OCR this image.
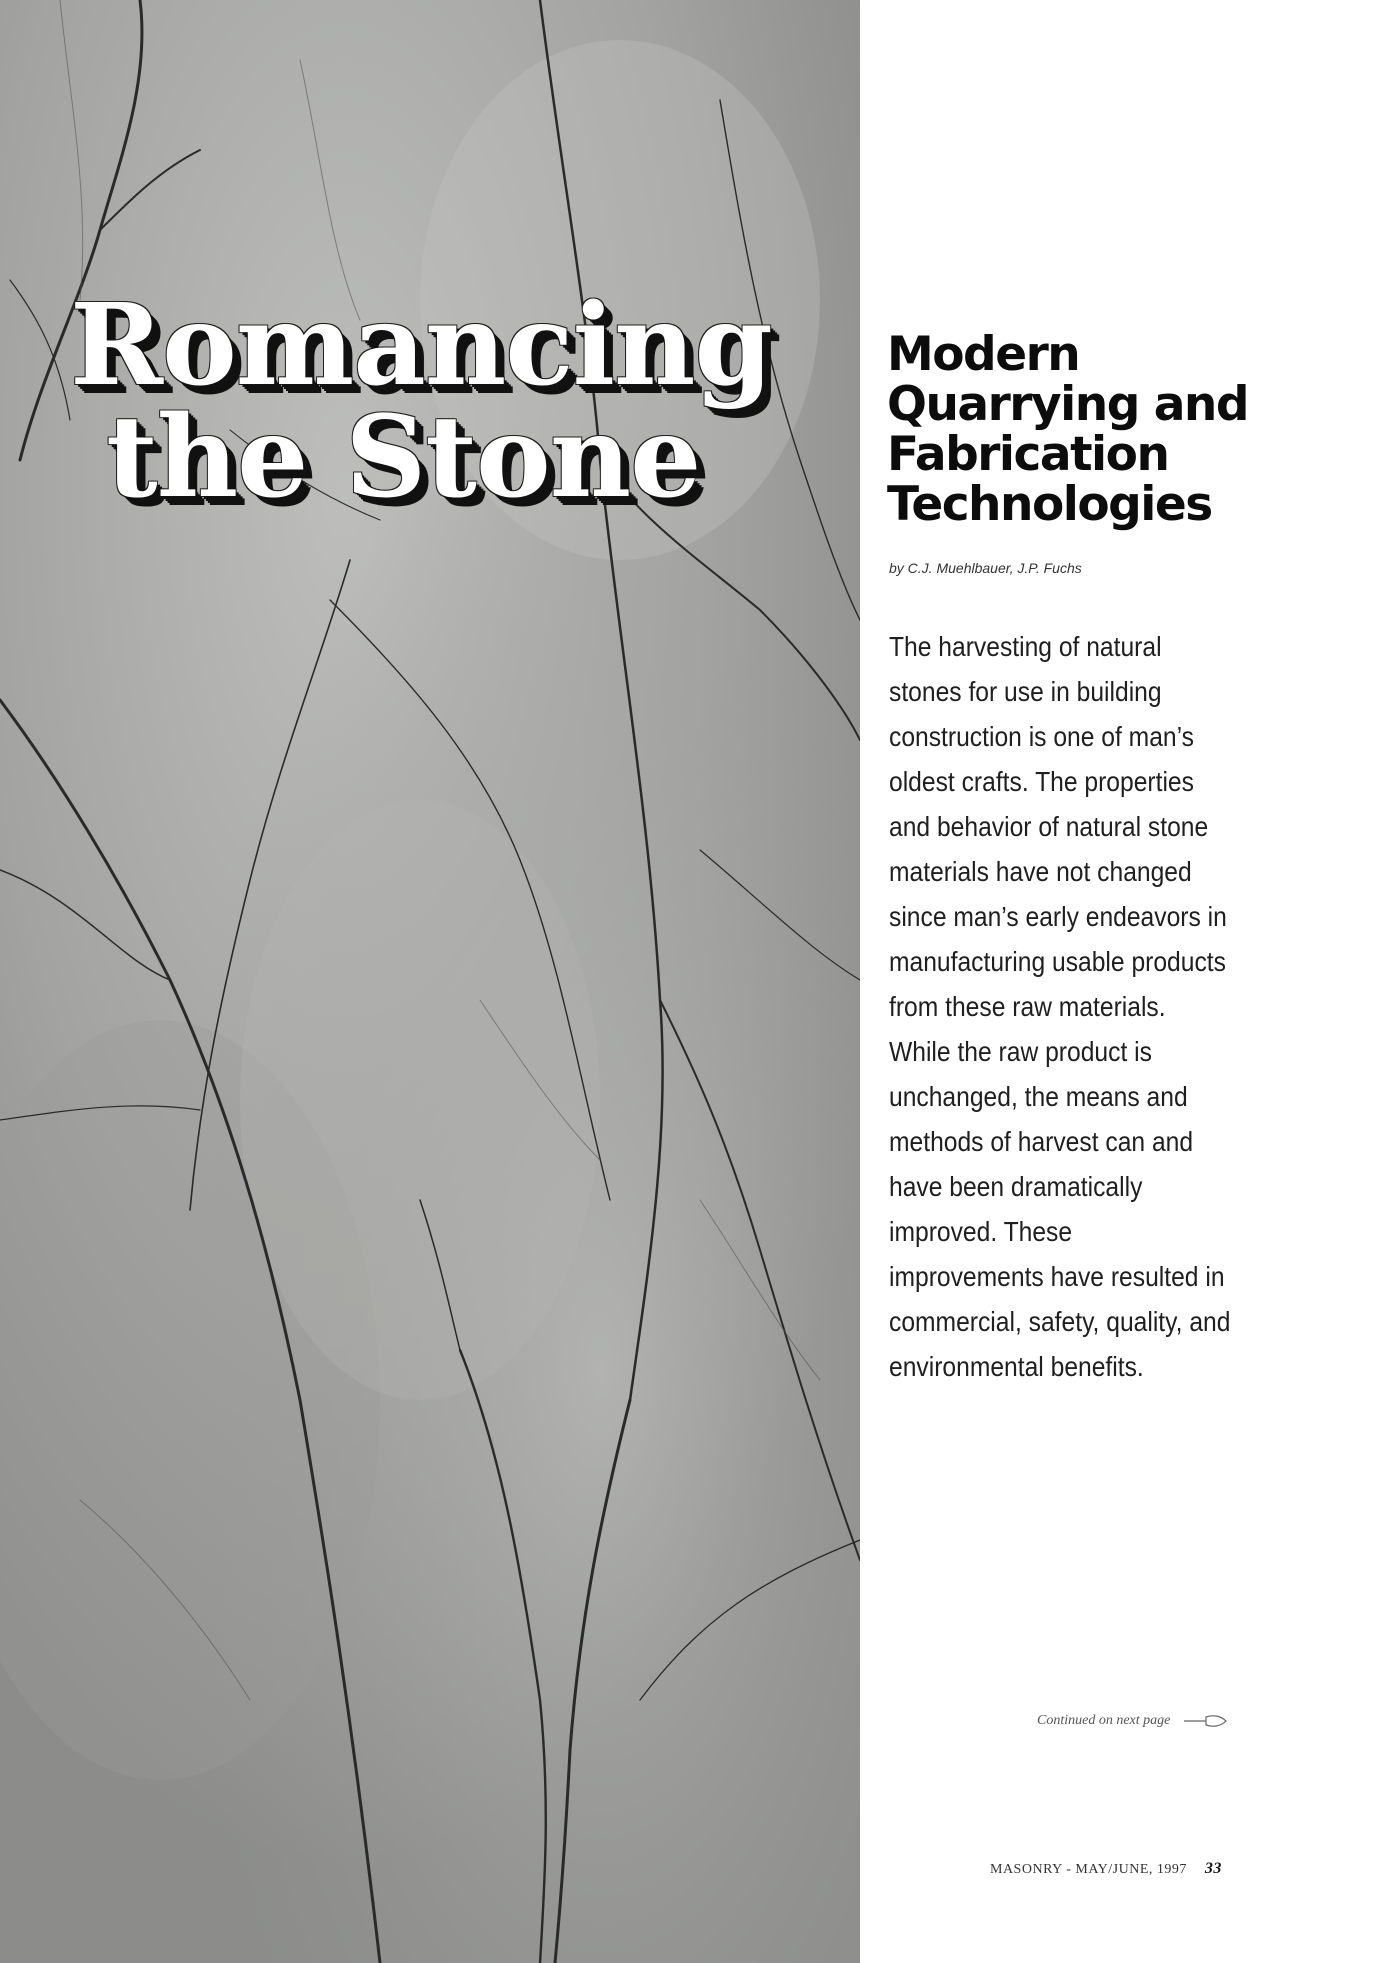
Romancing
the Stone
Modern
Quarrying and
Fabrication
Technologies

by C.J. Muehlbauer, J.P. Fuchs

The harvesting of natural stones for use in building construction is one of man’s oldest crafts. The properties and behavior of natural stone materials have not changed since man’s early endeavors in manufacturing usable products from these raw materials. While the raw product is unchanged, the means and methods of harvest can and have been dramatically improved. These improvements have resulted in commercial, safety, quality, and environmental benefits.

Continued on next page
MASONRY - MAY/JUNE, 1997 33
